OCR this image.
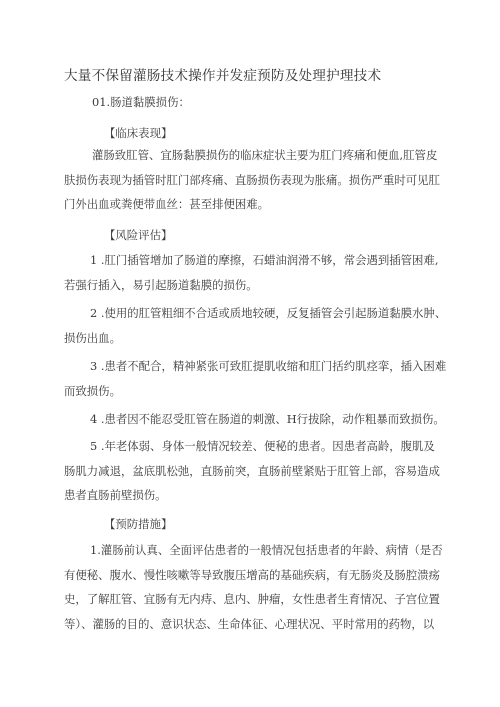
大量不保留灌肠技术操作并发症预防及处理护理技术
01.肠道黏膜损伤：
【临床表现】
灌肠致肛管、宜肠黏膜损伤的临床症状主要为肛门疼痛和便血,肛管皮
肤损伤表现为插管时肛门部疼痛、直肠损伤表现为胀痛。损伤严重时可见肛
门外出血或粪便带血丝：甚至排便困难。
【风险评估】
1 .肛门插管增加了肠道的摩擦，石蜡油润滑不够，常会遇到插管困难,
若强行插入，易引起肠道黏膜的损伤。
2 .使用的肛管粗细不合适或质地较硬，反复插管会引起肠道黏膜水肿、
损伤出血。
3 .患者不配合，精神紧张可致肛提肌收缩和肛门括约肌痉挛，插入困难
而致损伤。
4 .患者因不能忍受肛管在肠道的刺激、H行拔除，动作粗暴而致损伤。
5 .年老体弱、身体一般情况较差、便秘的患者。因患者高龄，腹肌及
肠肌力减退，盆底肌松弛，直肠前突，直肠前壁紧贴于肛管上部，容易造成
患者直肠前壁损伤。
【预防措施】
1.灌肠前认真、全面评估患者的一般情况包括患者的年龄、病情（是否
有便秘、腹水、慢性咳嗽等导致腹压增高的基础疾病，有无肠炎及肠腔溃疡
史，了解肛管、宜肠有无内痔、息内、肿瘤，女性患者生育情况、子宫位置
等）、灌肠的目的、意识状态、生命体征、心理状况、平时常用的药物，以
